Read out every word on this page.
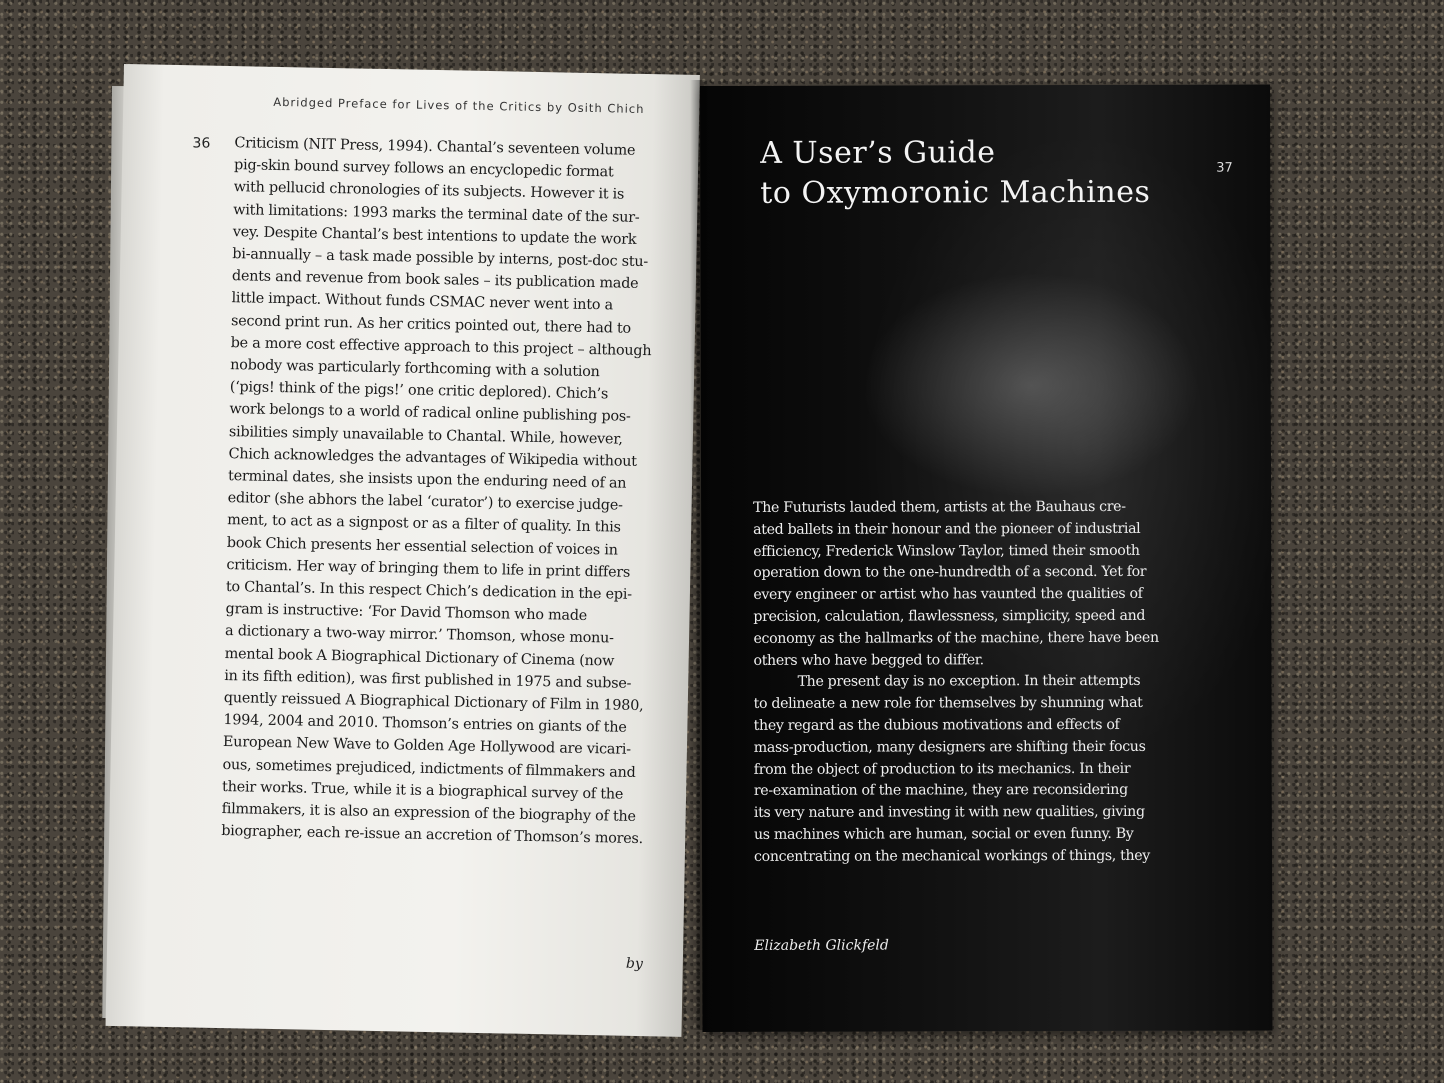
Abridged Preface for Lives of the Critics by Osith Chich
36 Criticism (NIT Press, 1994). Chantal’s seventeen volume
pig-skin bound survey follows an encyclopedic format
with pellucid chronologies of its subjects. However it is
with limitations: 1993 marks the terminal date of the sur-
vey. Despite Chantal’s best intentions to update the work
bi-annually – a task made possible by interns, post-doc stu-
dents and revenue from book sales – its publication made
little impact. Without funds CSMAC never went into a
second print run. As her critics pointed out, there had to
be a more cost effective approach to this project – although
nobody was particularly forthcoming with a solution
(‘pigs! think of the pigs!’ one critic deplored). Chich’s
work belongs to a world of radical online publishing pos-
sibilities simply unavailable to Chantal. While, however,
Chich acknowledges the advantages of Wikipedia without
terminal dates, she insists upon the enduring need of an
editor (she abhors the label ‘curator’) to exercise judge-
ment, to act as a signpost or as a filter of quality. In this
book Chich presents her essential selection of voices in
criticism. Her way of bringing them to life in print differs
to Chantal’s. In this respect Chich’s dedication in the epi-
gram is instructive: ‘For David Thomson who made
a dictionary a two-way mirror.’ Thomson, whose monu-
mental book A Biographical Dictionary of Cinema (now
in its fifth edition), was first published in 1975 and subse-
quently reissued A Biographical Dictionary of Film in 1980,
1994, 2004 and 2010. Thomson’s entries on giants of the
European New Wave to Golden Age Hollywood are vicari-
ous, sometimes prejudiced, indictments of filmmakers and
their works. True, while it is a biographical survey of the
filmmakers, it is also an expression of the biography of the
biographer, each re-issue an accretion of Thomson’s mores.

by
A User’s Guide
to Oxymoronic Machines
37

The Futurists lauded them, artists at the Bauhaus cre-
ated ballets in their honour and the pioneer of industrial
efficiency, Frederick Winslow Taylor, timed their smooth
operation down to the one-hundredth of a second. Yet for
every engineer or artist who has vaunted the qualities of
precision, calculation, flawlessness, simplicity, speed and
economy as the hallmarks of the machine, there have been
others who have begged to differ.
The present day is no exception. In their attempts
to delineate a new role for themselves by shunning what
they regard as the dubious motivations and effects of
mass-production, many designers are shifting their focus
from the object of production to its mechanics. In their
re-examination of the machine, they are reconsidering
its very nature and investing it with new qualities, giving
us machines which are human, social or even funny. By
concentrating on the mechanical workings of things, they

Elizabeth Glickfeld
